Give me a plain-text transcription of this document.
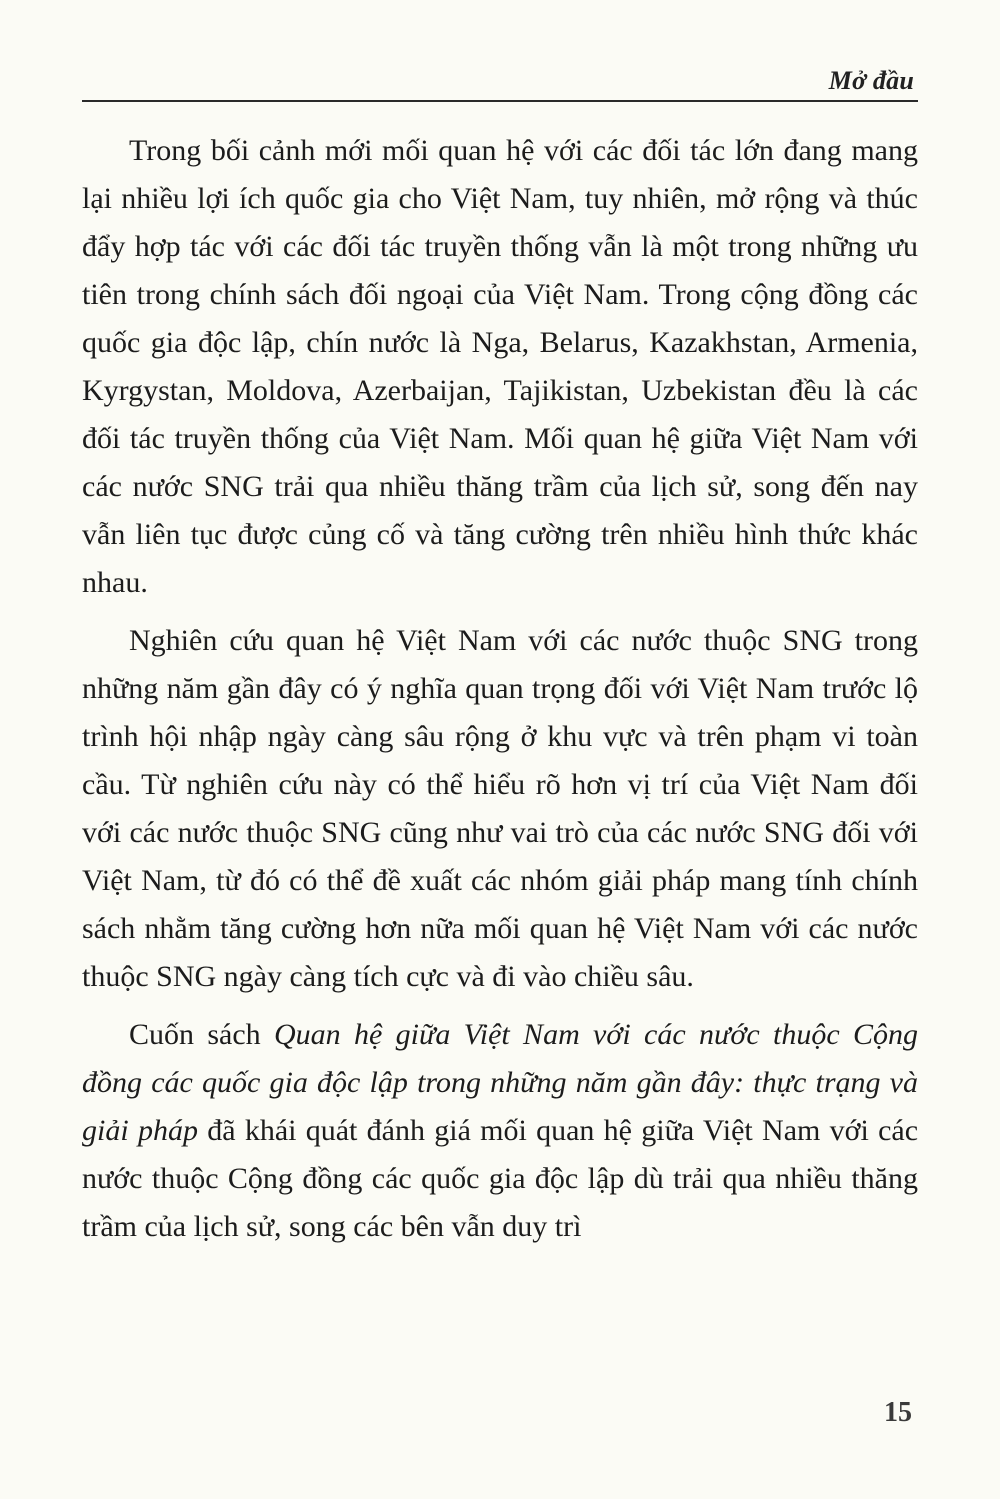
Mở đầu

Trong bối cảnh mới mối quan hệ với các đối tác lớn đang mang lại nhiều lợi ích quốc gia cho Việt Nam, tuy nhiên, mở rộng và thúc đẩy hợp tác với các đối tác truyền thống vẫn là một trong những ưu tiên trong chính sách đối ngoại của Việt Nam. Trong cộng đồng các quốc gia độc lập, chín nước là Nga, Belarus, Kazakhstan, Armenia, Kyrgystan, Moldova, Azerbaijan, Tajikistan, Uzbekistan đều là các đối tác truyền thống của Việt Nam. Mối quan hệ giữa Việt Nam với các nước SNG trải qua nhiều thăng trầm của lịch sử, song đến nay vẫn liên tục được củng cố và tăng cường trên nhiều hình thức khác nhau.

Nghiên cứu quan hệ Việt Nam với các nước thuộc SNG trong những năm gần đây có ý nghĩa quan trọng đối với Việt Nam trước lộ trình hội nhập ngày càng sâu rộng ở khu vực và trên phạm vi toàn cầu. Từ nghiên cứu này có thể hiểu rõ hơn vị trí của Việt Nam đối với các nước thuộc SNG cũng như vai trò của các nước SNG đối với Việt Nam, từ đó có thể đề xuất các nhóm giải pháp mang tính chính sách nhằm tăng cường hơn nữa mối quan hệ Việt Nam với các nước thuộc SNG ngày càng tích cực và đi vào chiều sâu.

Cuốn sách Quan hệ giữa Việt Nam với các nước thuộc Cộng đồng các quốc gia độc lập trong những năm gần đây: thực trạng và giải pháp đã khái quát đánh giá mối quan hệ giữa Việt Nam với các nước thuộc Cộng đồng các quốc gia độc lập dù trải qua nhiều thăng trầm của lịch sử, song các bên vẫn duy trì

15
